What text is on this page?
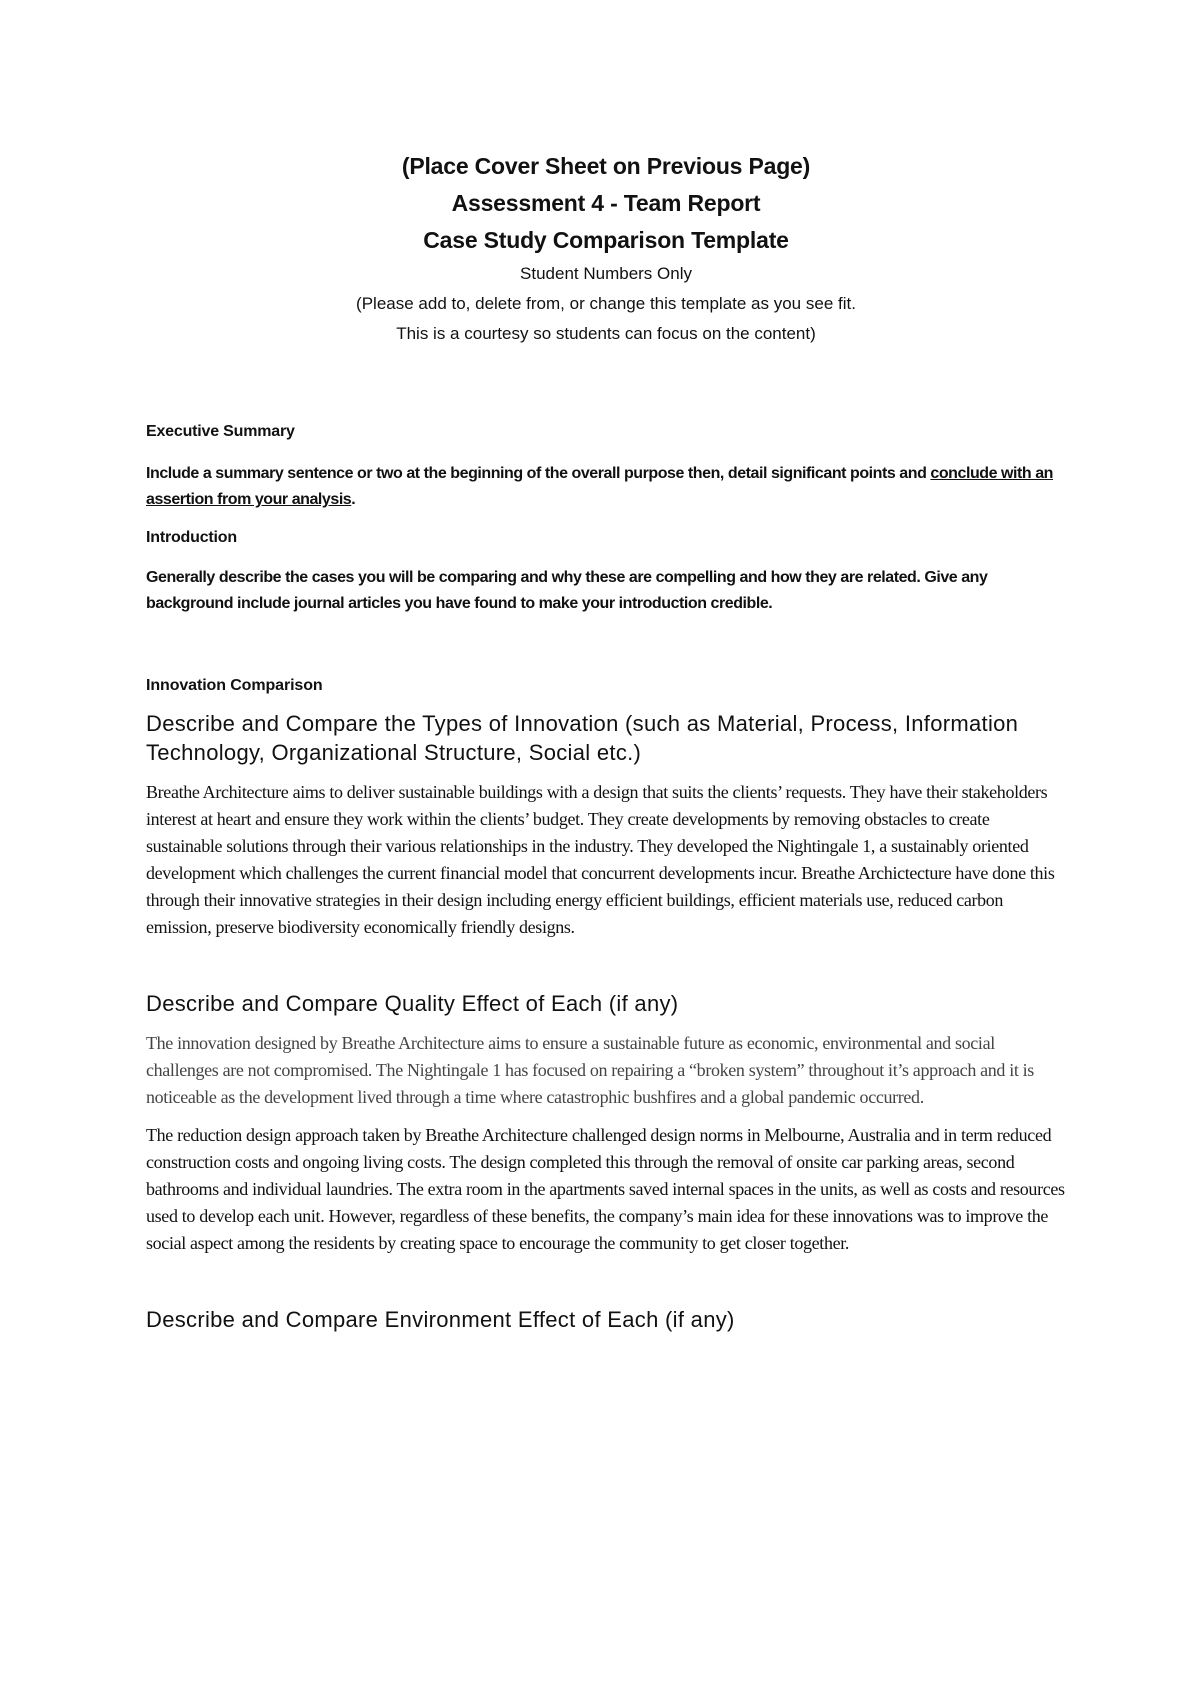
(Place Cover Sheet on Previous Page)

Assessment 4 - Team Report

Case Study Comparison Template

Student Numbers Only

(Please add to, delete from, or change this template as you see fit.

This is a courtesy so students can focus on the content)

Executive Summary

Include a summary sentence or two at the beginning of the overall purpose then, detail significant points and conclude with an assertion from your analysis.

Introduction

Generally describe the cases you will be comparing and why these are compelling and how they are related. Give any background include journal articles you have found to make your introduction credible.

Innovation Comparison

Describe and Compare the Types of Innovation (such as Material, Process, Information Technology, Organizational Structure, Social etc.)

Breathe Architecture aims to deliver sustainable buildings with a design that suits the clients’ requests. They have their stakeholders interest at heart and ensure they work within the clients’ budget. They create developments by removing obstacles to create sustainable solutions through their various relationships in the industry. They developed the Nightingale 1, a sustainably oriented development which challenges the current financial model that concurrent developments incur. Breathe Archictecture have done this through their innovative strategies in their design including energy efficient buildings, efficient materials use, reduced carbon emission, preserve biodiversity economically friendly designs.

Describe and Compare Quality Effect of Each (if any)

The innovation designed by Breathe Architecture aims to ensure a sustainable future as economic, environmental and social challenges are not compromised. The Nightingale 1 has focused on repairing a “broken system” throughout it’s approach and it is noticeable as the development lived through a time where catastrophic bushfires and a global pandemic occurred.

The reduction design approach taken by Breathe Architecture challenged design norms in Melbourne, Australia and in term reduced construction costs and ongoing living costs. The design completed this through the removal of onsite car parking areas, second bathrooms and individual laundries. The extra room in the apartments saved internal spaces in the units, as well as costs and resources used to develop each unit. However, regardless of these benefits, the company’s main idea for these innovations was to improve the social aspect among the residents by creating space to encourage the community to get closer together.

Describe and Compare Environment Effect of Each (if any)
